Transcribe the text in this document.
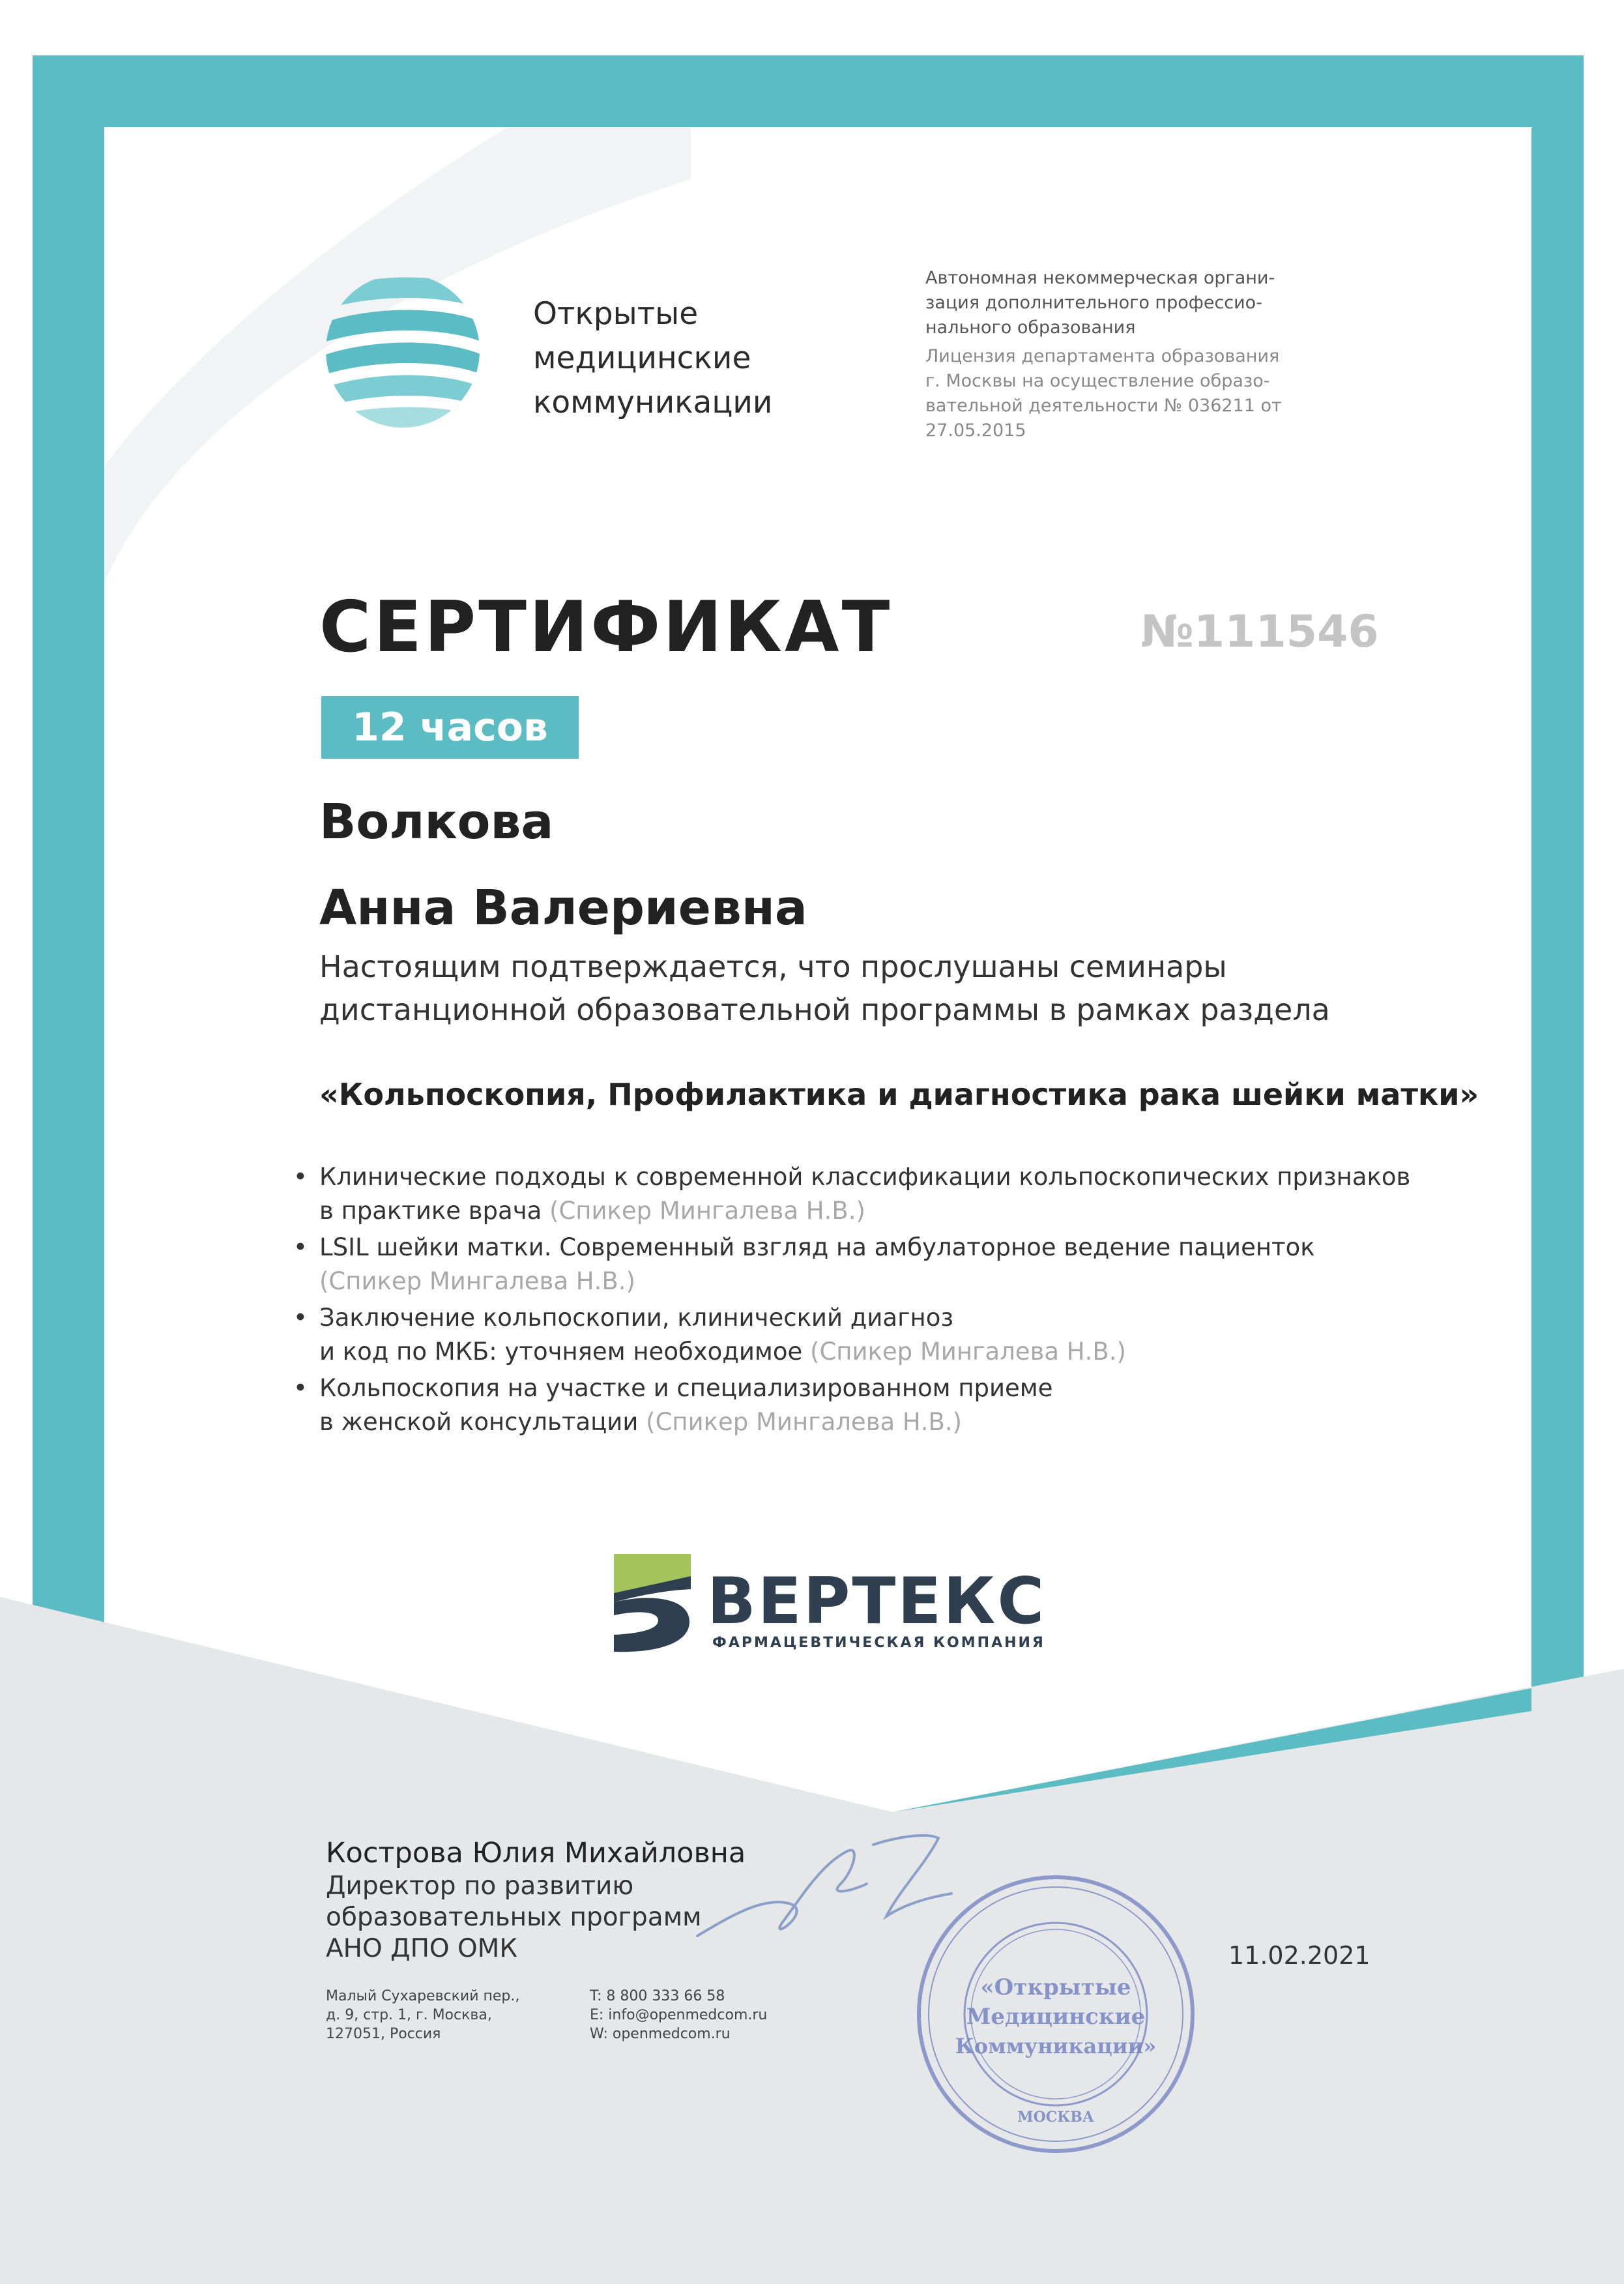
Открытые
медицинские
коммуникации
Автономная некоммерческая органи-
зация дополнительного профессио-
нального образования
Лицензия департамента образования
г. Москвы на осуществление образо-
вательной деятельности № 036211 от
27.05.2015
СЕРТИФИКАТ	№111546
12 часов
Волкова
Анна Валериевна
Настоящим подтверждается, что прослушаны семинары
дистанционной образовательной программы в рамках раздела
«Кольпоскопия, Профилактика и диагностика рака шейки матки»
• Клинические подходы к современной классификации кольпоскопических признаков
в практике врача (Спикер Мингалева Н.В.)
• LSIL шейки матки. Современный взгляд на амбулаторное ведение пациенток
(Спикер Мингалева Н.В.)
• Заключение кольпоскопии, клинический диагноз
и код по МКБ: уточняем необходимое (Спикер Мингалева Н.В.)
• Кольпоскопия на участке и специализированном приеме
в женской консультации (Спикер Мингалева Н.В.)
ВЕРТЕКС
ФАРМАЦЕВТИЧЕСКАЯ КОМПАНИЯ
Кострова Юлия Михайловна
Директор по развитию
образовательных программ
АНО ДПО ОМК
Малый Сухаревский пер.,
д. 9, стр. 1, г. Москва,
127051, Россия
T: 8 800 333 66 58
E: info@openmedcom.ru
W: openmedcom.ru
11.02.2021
«Открытые
Медицинские
Коммуникации»
МОСКВА
